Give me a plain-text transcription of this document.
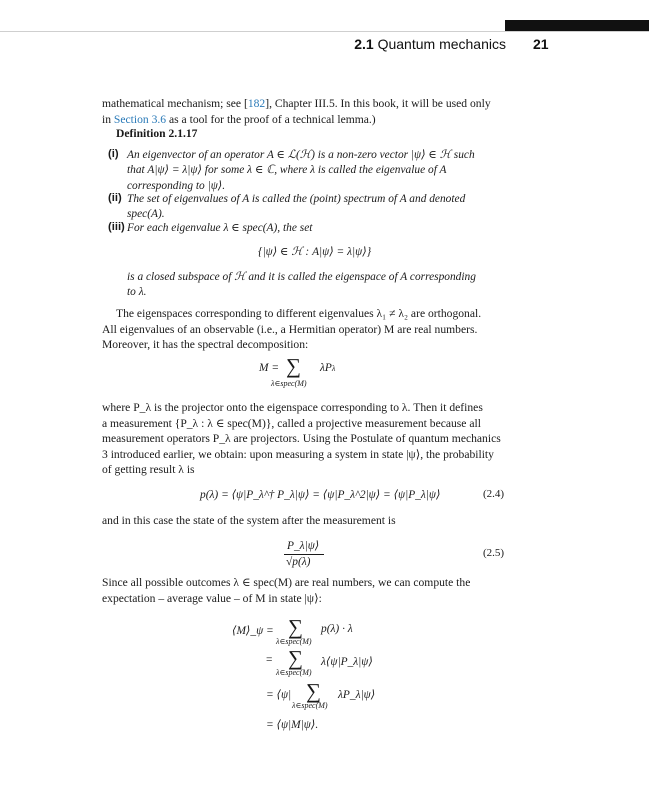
2.1 Quantum mechanics 21
mathematical mechanism; see [182], Chapter III.5. In this book, it will be used only
in Section 3.6 as a tool for the proof of a technical lemma.)
Definition 2.1.17
(i) An eigenvector of an operator A ∈ ℒ(ℋ) is a non-zero vector |ψ⟩ ∈ ℋ such
that A|ψ⟩ = λ|ψ⟩ for some λ ∈ ℂ, where λ is called the eigenvalue of A
corresponding to |ψ⟩.
(ii) The set of eigenvalues of A is called the (point) spectrum of A and denoted
spec(A).
(iii) For each eigenvalue λ ∈ spec(A), the set
{|ψ⟩ ∈ ℋ : A|ψ⟩ = λ|ψ⟩}
is a closed subspace of ℋ and it is called the eigenspace of A corresponding
to λ.
The eigenspaces corresponding to different eigenvalues λ₁ ≠ λ₂ are orthogonal.
All eigenvalues of an observable (i.e., a Hermitian operator) M are real numbers.
Moreover, it has the spectral decomposition:
M = ∑ λPλ
λ∈spec(M)
where P_λ is the projector onto the eigenspace corresponding to λ. Then it defines
a measurement {P_λ : λ ∈ spec(M)}, called a projective measurement because all
measurement operators P_λ are projectors. Using the Postulate of quantum mechanics
3 introduced earlier, we obtain: upon measuring a system in state |ψ⟩, the probability
of getting result λ is
p(λ) = ⟨ψ|P_λ^† P_λ|ψ⟩ = ⟨ψ|P_λ^2|ψ⟩ = ⟨ψ|P_λ|ψ⟩	(2.4)
and in this case the state of the system after the measurement is
P_λ|ψ⟩
√p(λ)
(2.5)
Since all possible outcomes λ ∈ spec(M) are real numbers, we can compute the
expectation – average value – of M in state |ψ⟩:
⟨M⟩_ψ = ∑ p(λ) · λ
λ∈spec(M)
= ∑ λ⟨ψ|P_λ|ψ⟩
λ∈spec(M)
= ⟨ψ| ∑ λP_λ|ψ⟩
λ∈spec(M)
= ⟨ψ|M|ψ⟩.
